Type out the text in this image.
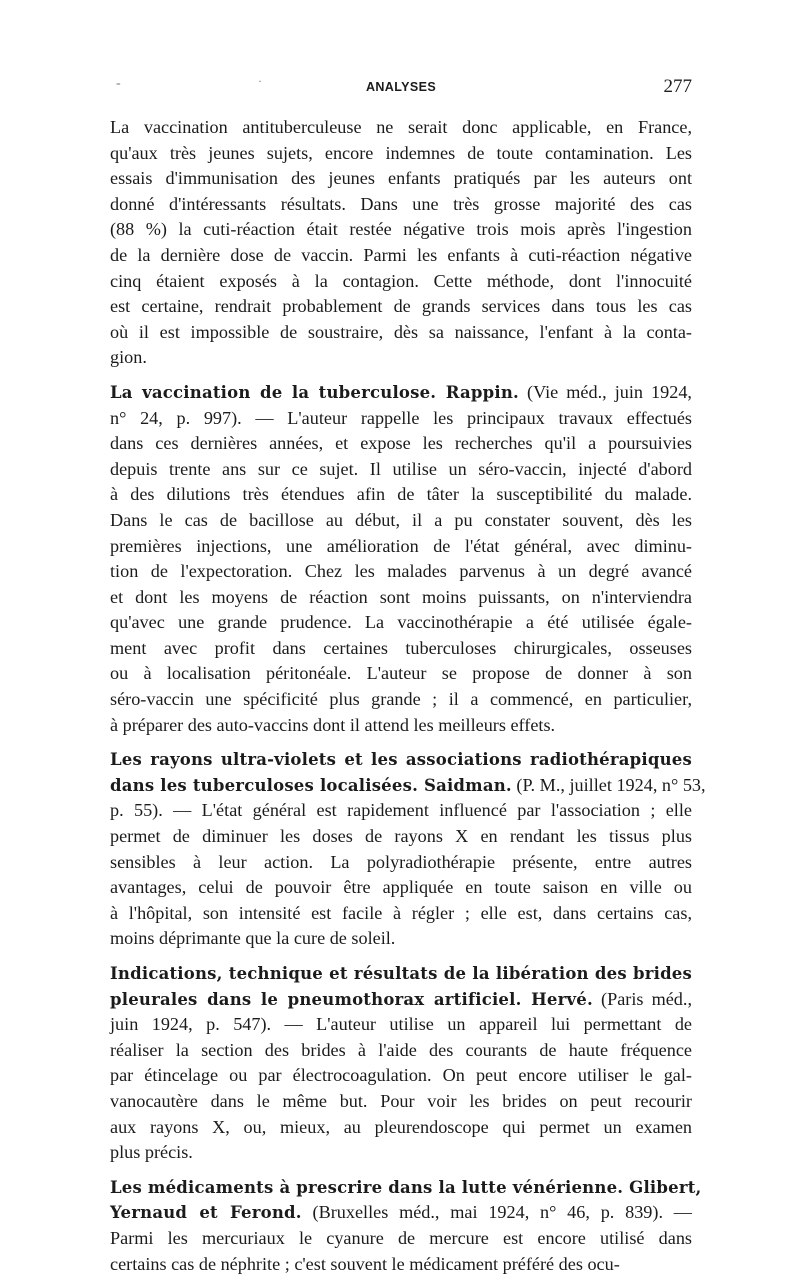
-	·	ANALYSES	277
La vaccination antituberculeuse ne serait donc applicable, en France,
qu'aux très jeunes sujets, encore indemnes de toute contamination. Les
essais d'immunisation des jeunes enfants pratiqués par les auteurs ont
donné d'intéressants résultats. Dans une très grosse majorité des cas
(88 %) la cuti-réaction était restée négative trois mois après l'ingestion
de la dernière dose de vaccin. Parmi les enfants à cuti-réaction négative
cinq étaient exposés à la contagion. Cette méthode, dont l'innocuité
est certaine, rendrait probablement de grands services dans tous les cas
où il est impossible de soustraire, dès sa naissance, l'enfant à la conta-
gion.
La vaccination de la tuberculose. Rappin. (Vie méd., juin 1924,
n° 24, p. 997). — L'auteur rappelle les principaux travaux effectués
dans ces dernières années, et expose les recherches qu'il a poursuivies
depuis trente ans sur ce sujet. Il utilise un séro-vaccin, injecté d'abord
à des dilutions très étendues afin de tâter la susceptibilité du malade.
Dans le cas de bacillose au début, il a pu constater souvent, dès les
premières injections, une amélioration de l'état général, avec diminu-
tion de l'expectoration. Chez les malades parvenus à un degré avancé
et dont les moyens de réaction sont moins puissants, on n'interviendra
qu'avec une grande prudence. La vaccinothérapie a été utilisée égale-
ment avec profit dans certaines tuberculoses chirurgicales, osseuses
ou à localisation péritonéale. L'auteur se propose de donner à son
séro-vaccin une spécificité plus grande ; il a commencé, en particulier,
à préparer des auto-vaccins dont il attend les meilleurs effets.
Les rayons ultra-violets et les associations radiothérapiques
dans les tuberculoses localisées. Saidman. (P. M., juillet 1924, n° 53,
p. 55). — L'état général est rapidement influencé par l'association ; elle
permet de diminuer les doses de rayons X en rendant les tissus plus
sensibles à leur action. La polyradiothérapie présente, entre autres
avantages, celui de pouvoir être appliquée en toute saison en ville ou
à l'hôpital, son intensité est facile à régler ; elle est, dans certains cas,
moins déprimante que la cure de soleil.
Indications, technique et résultats de la libération des brides
pleurales dans le pneumothorax artificiel. Hervé. (Paris méd.,
juin 1924, p. 547). — L'auteur utilise un appareil lui permettant de
réaliser la section des brides à l'aide des courants de haute fréquence
par étincelage ou par électrocoagulation. On peut encore utiliser le gal-
vanocautère dans le même but. Pour voir les brides on peut recourir
aux rayons X, ou, mieux, au pleurendoscope qui permet un examen
plus précis.
Les médicaments à prescrire dans la lutte vénérienne. Glibert,
Yernaud et Ferond. (Bruxelles méd., mai 1924, n° 46, p. 839). —
Parmi les mercuriaux le cyanure de mercure est encore utilisé dans
certains cas de néphrite ; c'est souvent le médicament préféré des ocu-
